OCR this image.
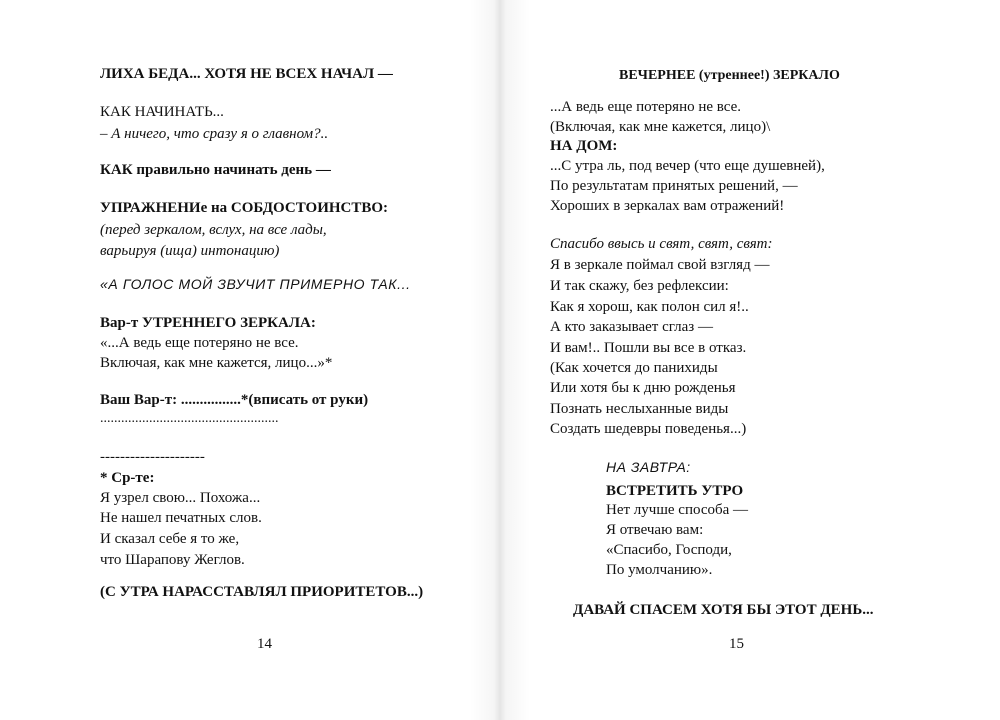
ЛИХА БЕДА... ХОТЯ НЕ ВСЕХ НАЧАЛ —
КАК НАЧИНАТЬ...
– А ничего, что сразу я о главном?..
КАК правильно начинать день —
УПРАЖНЕНИе на СОБДОСТОИНСТВО:
(перед зеркалом, вслух, на все лады,
варьируя (ища) интонацию)
«А ГОЛОС МОЙ ЗВУЧИТ ПРИМЕРНО ТАК...
Вар-т УТРЕННЕГО ЗЕРКАЛА:
«...А ведь еще потеряно не все.
Включая, как мне кажется, лицо...»*
Ваш Вар-т: ................*(вписать от руки)
...................................................
---------------------
* Ср-те:
Я узрел свою... Похожа...
Не нашел печатных слов.
И сказал себе я то же,
что Шарапову Жеглов.
(С УТРА НАРАССТАВЛЯЛ ПРИОРИТЕТОВ...)
14
ВЕЧЕРНЕЕ (утреннее!) ЗЕРКАЛО
...А ведь еще потеряно не все.
(Включая, как мне кажется, лицо)\
НА ДОМ:
...С утра ль, под вечер (что еще душевней),
По результатам принятых решений, —
Хороших в зеркалах вам отражений!
Спасибо ввысь и свят, свят, свят:
Я в зеркале поймал свой взгляд —
И так скажу, без рефлексии:
Как я хорош, как полон сил я!..
А кто заказывает сглаз —
И вам!.. Пошли вы все в отказ.
(Как хочется до панихиды
Или хотя бы к дню рожденья
Познать неслыханные виды
Создать шедевры поведенья...)
НА ЗАВТРА:
ВСТРЕТИТЬ УТРО
Нет лучше способа —
Я отвечаю вам:
«Спасибо, Господи,
По умолчанию».
ДАВАЙ СПАСЕМ ХОТЯ БЫ ЭТОТ ДЕНЬ...
15
